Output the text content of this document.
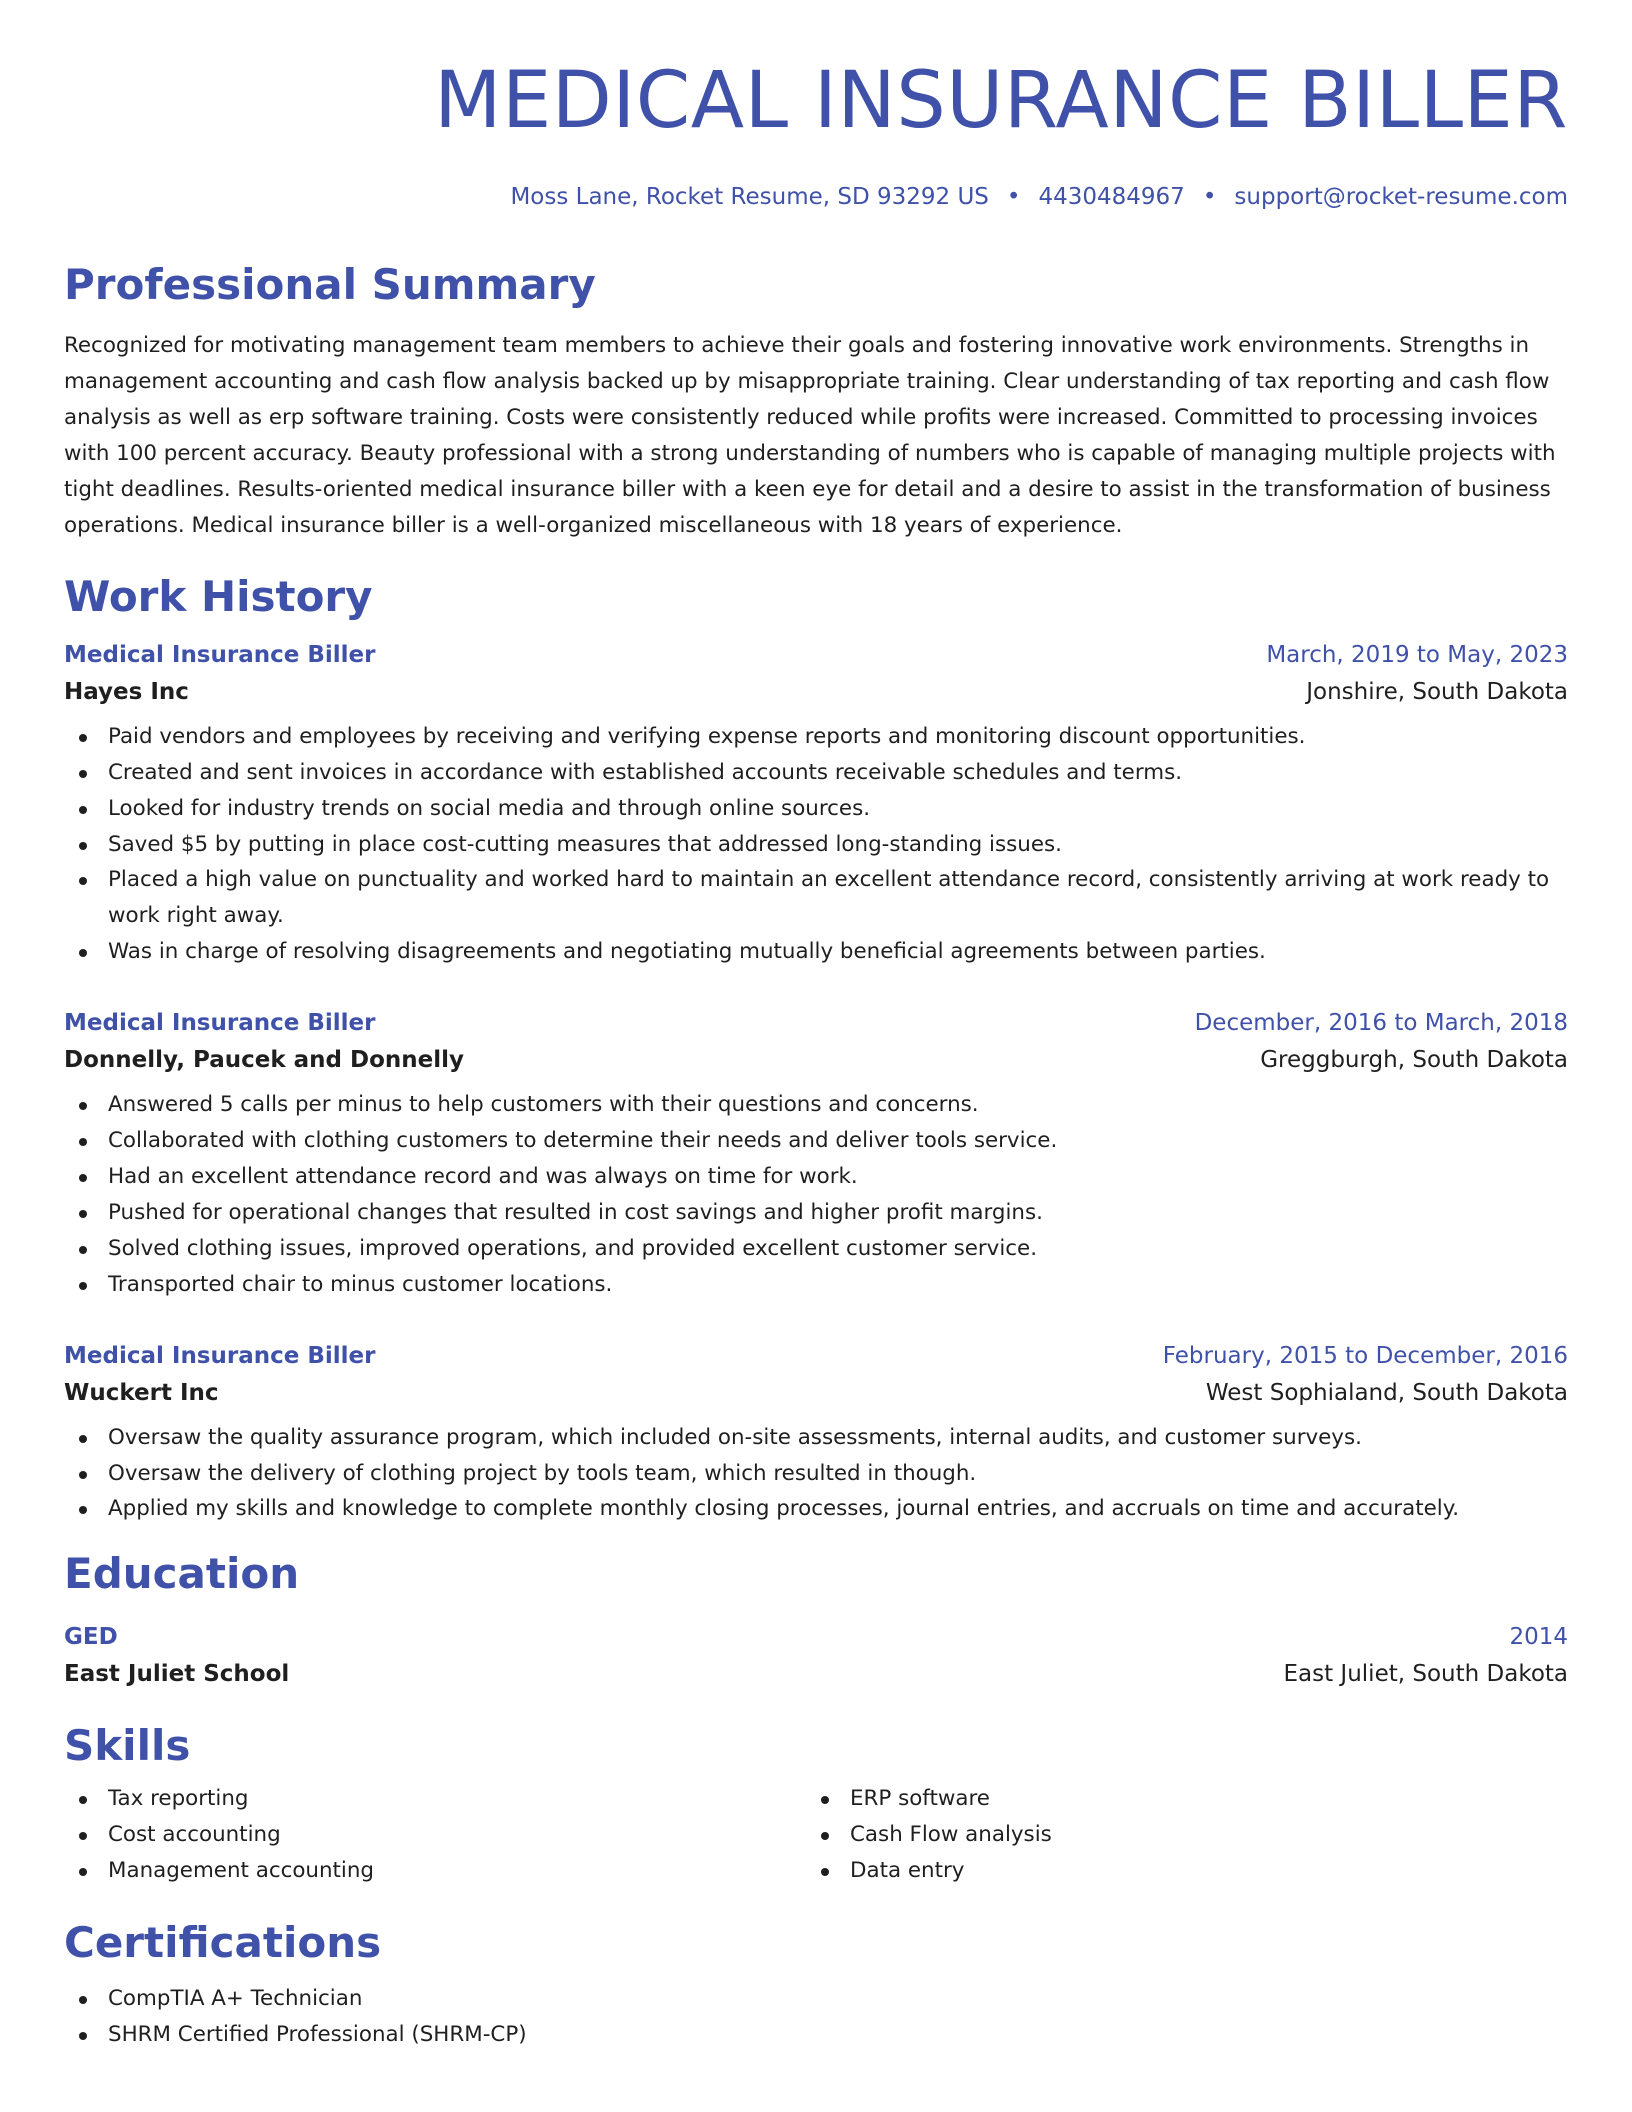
MEDICAL INSURANCE BILLER
Moss Lane, Rocket Resume, SD 93292 US • 4430484967 • support@rocket-resume.com
Professional Summary
Recognized for motivating management team members to achieve their goals and fostering innovative work environments. Strengths in management accounting and cash flow analysis backed up by misappropriate training. Clear understanding of tax reporting and cash flow analysis as well as erp software training. Costs were consistently reduced while profits were increased. Committed to processing invoices with 100 percent accuracy. Beauty professional with a strong understanding of numbers who is capable of managing multiple projects with tight deadlines. Results-oriented medical insurance biller with a keen eye for detail and a desire to assist in the transformation of business operations. Medical insurance biller is a well-organized miscellaneous with 18 years of experience.
Work History
Medical Insurance Biller	March, 2019 to May, 2023
Hayes Inc	Jonshire, South Dakota
Paid vendors and employees by receiving and verifying expense reports and monitoring discount opportunities.
Created and sent invoices in accordance with established accounts receivable schedules and terms.
Looked for industry trends on social media and through online sources.
Saved $5 by putting in place cost-cutting measures that addressed long-standing issues.
Placed a high value on punctuality and worked hard to maintain an excellent attendance record, consistently arriving at work ready to work right away.
Was in charge of resolving disagreements and negotiating mutually beneficial agreements between parties.
Medical Insurance Biller	December, 2016 to March, 2018
Donnelly, Paucek and Donnelly	Greggburgh, South Dakota
Answered 5 calls per minus to help customers with their questions and concerns.
Collaborated with clothing customers to determine their needs and deliver tools service.
Had an excellent attendance record and was always on time for work.
Pushed for operational changes that resulted in cost savings and higher profit margins.
Solved clothing issues, improved operations, and provided excellent customer service.
Transported chair to minus customer locations.
Medical Insurance Biller	February, 2015 to December, 2016
Wuckert Inc	West Sophialand, South Dakota
Oversaw the quality assurance program, which included on-site assessments, internal audits, and customer surveys.
Oversaw the delivery of clothing project by tools team, which resulted in though.
Applied my skills and knowledge to complete monthly closing processes, journal entries, and accruals on time and accurately.
Education
GED	2014
East Juliet School	East Juliet, South Dakota
Skills
Tax reporting
Cost accounting
Management accounting
ERP software
Cash Flow analysis
Data entry
Certifications
CompTIA A+ Technician
SHRM Certified Professional (SHRM-CP)
